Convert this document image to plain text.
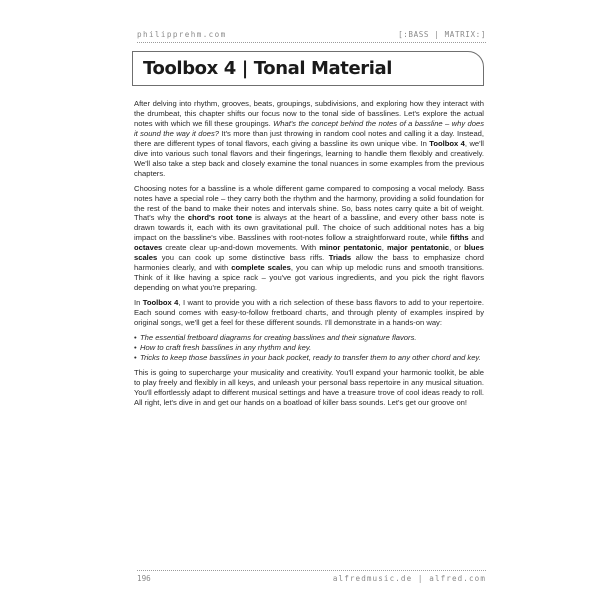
philipprehm.com	[:BASS | MATRIX:]
Toolbox 4 | Tonal Material

After delving into rhythm, grooves, beats, groupings, subdivisions, and exploring how they interact with the drumbeat, this chapter shifts our focus now to the tonal side of basslines. Let's explore the actual notes with which we fill these groupings. What's the concept behind the notes of a bassline – why does it sound the way it does? It's more than just throwing in random cool notes and calling it a day. Instead, there are different types of tonal flavors, each giving a bassline its own unique vibe. In Toolbox 4, we'll dive into various such tonal flavors and their fingerings, learning to handle them flexibly and creatively. We'll also take a step back and closely examine the tonal nuances in some examples from the previous chapters.

Choosing notes for a bassline is a whole different game compared to composing a vocal melody. Bass notes have a special role – they carry both the rhythm and the harmony, providing a solid foundation for the rest of the band to make their notes and intervals shine. So, bass notes carry quite a bit of weight. That's why the chord's root tone is always at the heart of a bassline, and every other bass note is drawn towards it, each with its own gravitational pull. The choice of such additional notes has a big impact on the bassline's vibe. Basslines with root-notes follow a straightforward route, while fifths and octaves create clear up-and-down movements. With minor pentatonic, major pentatonic, or blues scales you can cook up some distinctive bass riffs. Triads allow the bass to emphasize chord harmonies clearly, and with complete scales, you can whip up melodic runs and smooth transitions. Think of it like having a spice rack – you've got various ingredients, and you pick the right flavors depending on what you're preparing.

In Toolbox 4, I want to provide you with a rich selection of these bass flavors to add to your repertoire. Each sound comes with easy-to-follow fretboard charts, and through plenty of examples inspired by original songs, we'll get a feel for these different sounds. I'll demonstrate in a hands-on way:

• The essential fretboard diagrams for creating basslines and their signature flavors.
• How to craft fresh basslines in any rhythm and key.
• Tricks to keep those basslines in your back pocket, ready to transfer them to any other chord and key.

This is going to supercharge your musicality and creativity. You'll expand your harmonic toolkit, be able to play freely and flexibly in all keys, and unleash your personal bass repertoire in any musical situation. You'll effortlessly adapt to different musical settings and have a treasure trove of cool ideas ready to roll. All right, let's dive in and get our hands on a boatload of killer bass sounds. Let's get our groove on!

196	alfredmusic.de | alfred.com
